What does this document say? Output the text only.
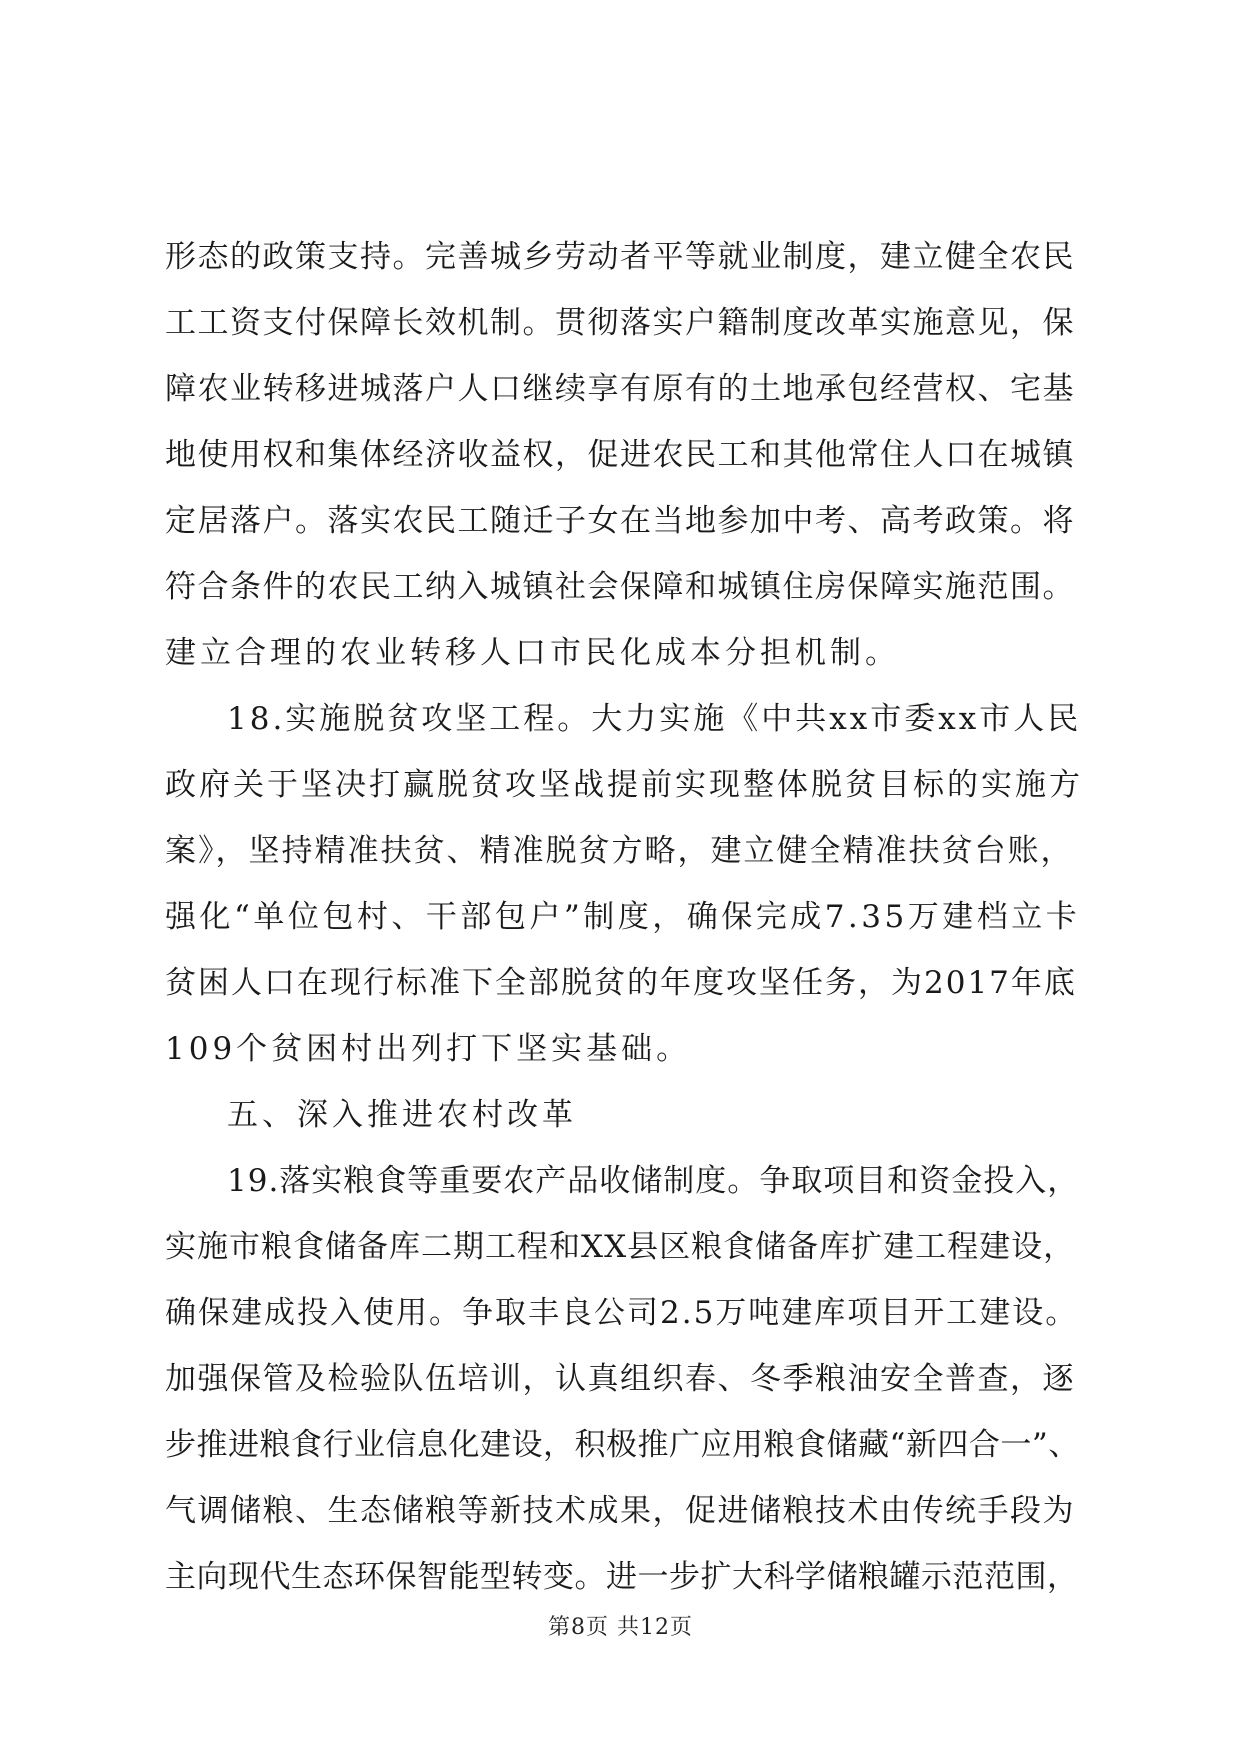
形态的政策支持。完善城乡劳动者平等就业制度，建立健全农民
工工资支付保障长效机制。贯彻落实户籍制度改革实施意见，保
障农业转移进城落户人口继续享有原有的土地承包经营权、宅基
地使用权和集体经济收益权，促进农民工和其他常住人口在城镇
定居落户。落实农民工随迁子女在当地参加中考、高考政策。将
符合条件的农民工纳入城镇社会保障和城镇住房保障实施范围。
建立合理的农业转移人口市民化成本分担机制。
18.实施脱贫攻坚工程。大力实施《中共xx市委xx市人民
政府关于坚决打赢脱贫攻坚战提前实现整体脱贫目标的实施方
案》，坚持精准扶贫、精准脱贫方略，建立健全精准扶贫台账，
强化“单位包村、干部包户”制度，确保完成7.35万建档立卡
贫困人口在现行标准下全部脱贫的年度攻坚任务，为2017年底
109个贫困村出列打下坚实基础。
五、深入推进农村改革
19.落实粮食等重要农产品收储制度。争取项目和资金投入，
实施市粮食储备库二期工程和XX县区粮食储备库扩建工程建设，
确保建成投入使用。争取丰良公司2.5万吨建库项目开工建设。
加强保管及检验队伍培训，认真组织春、冬季粮油安全普查，逐
步推进粮食行业信息化建设，积极推广应用粮食储藏“新四合一”、
气调储粮、生态储粮等新技术成果，促进储粮技术由传统手段为
主向现代生态环保智能型转变。进一步扩大科学储粮罐示范范围，
第8页 共12页
